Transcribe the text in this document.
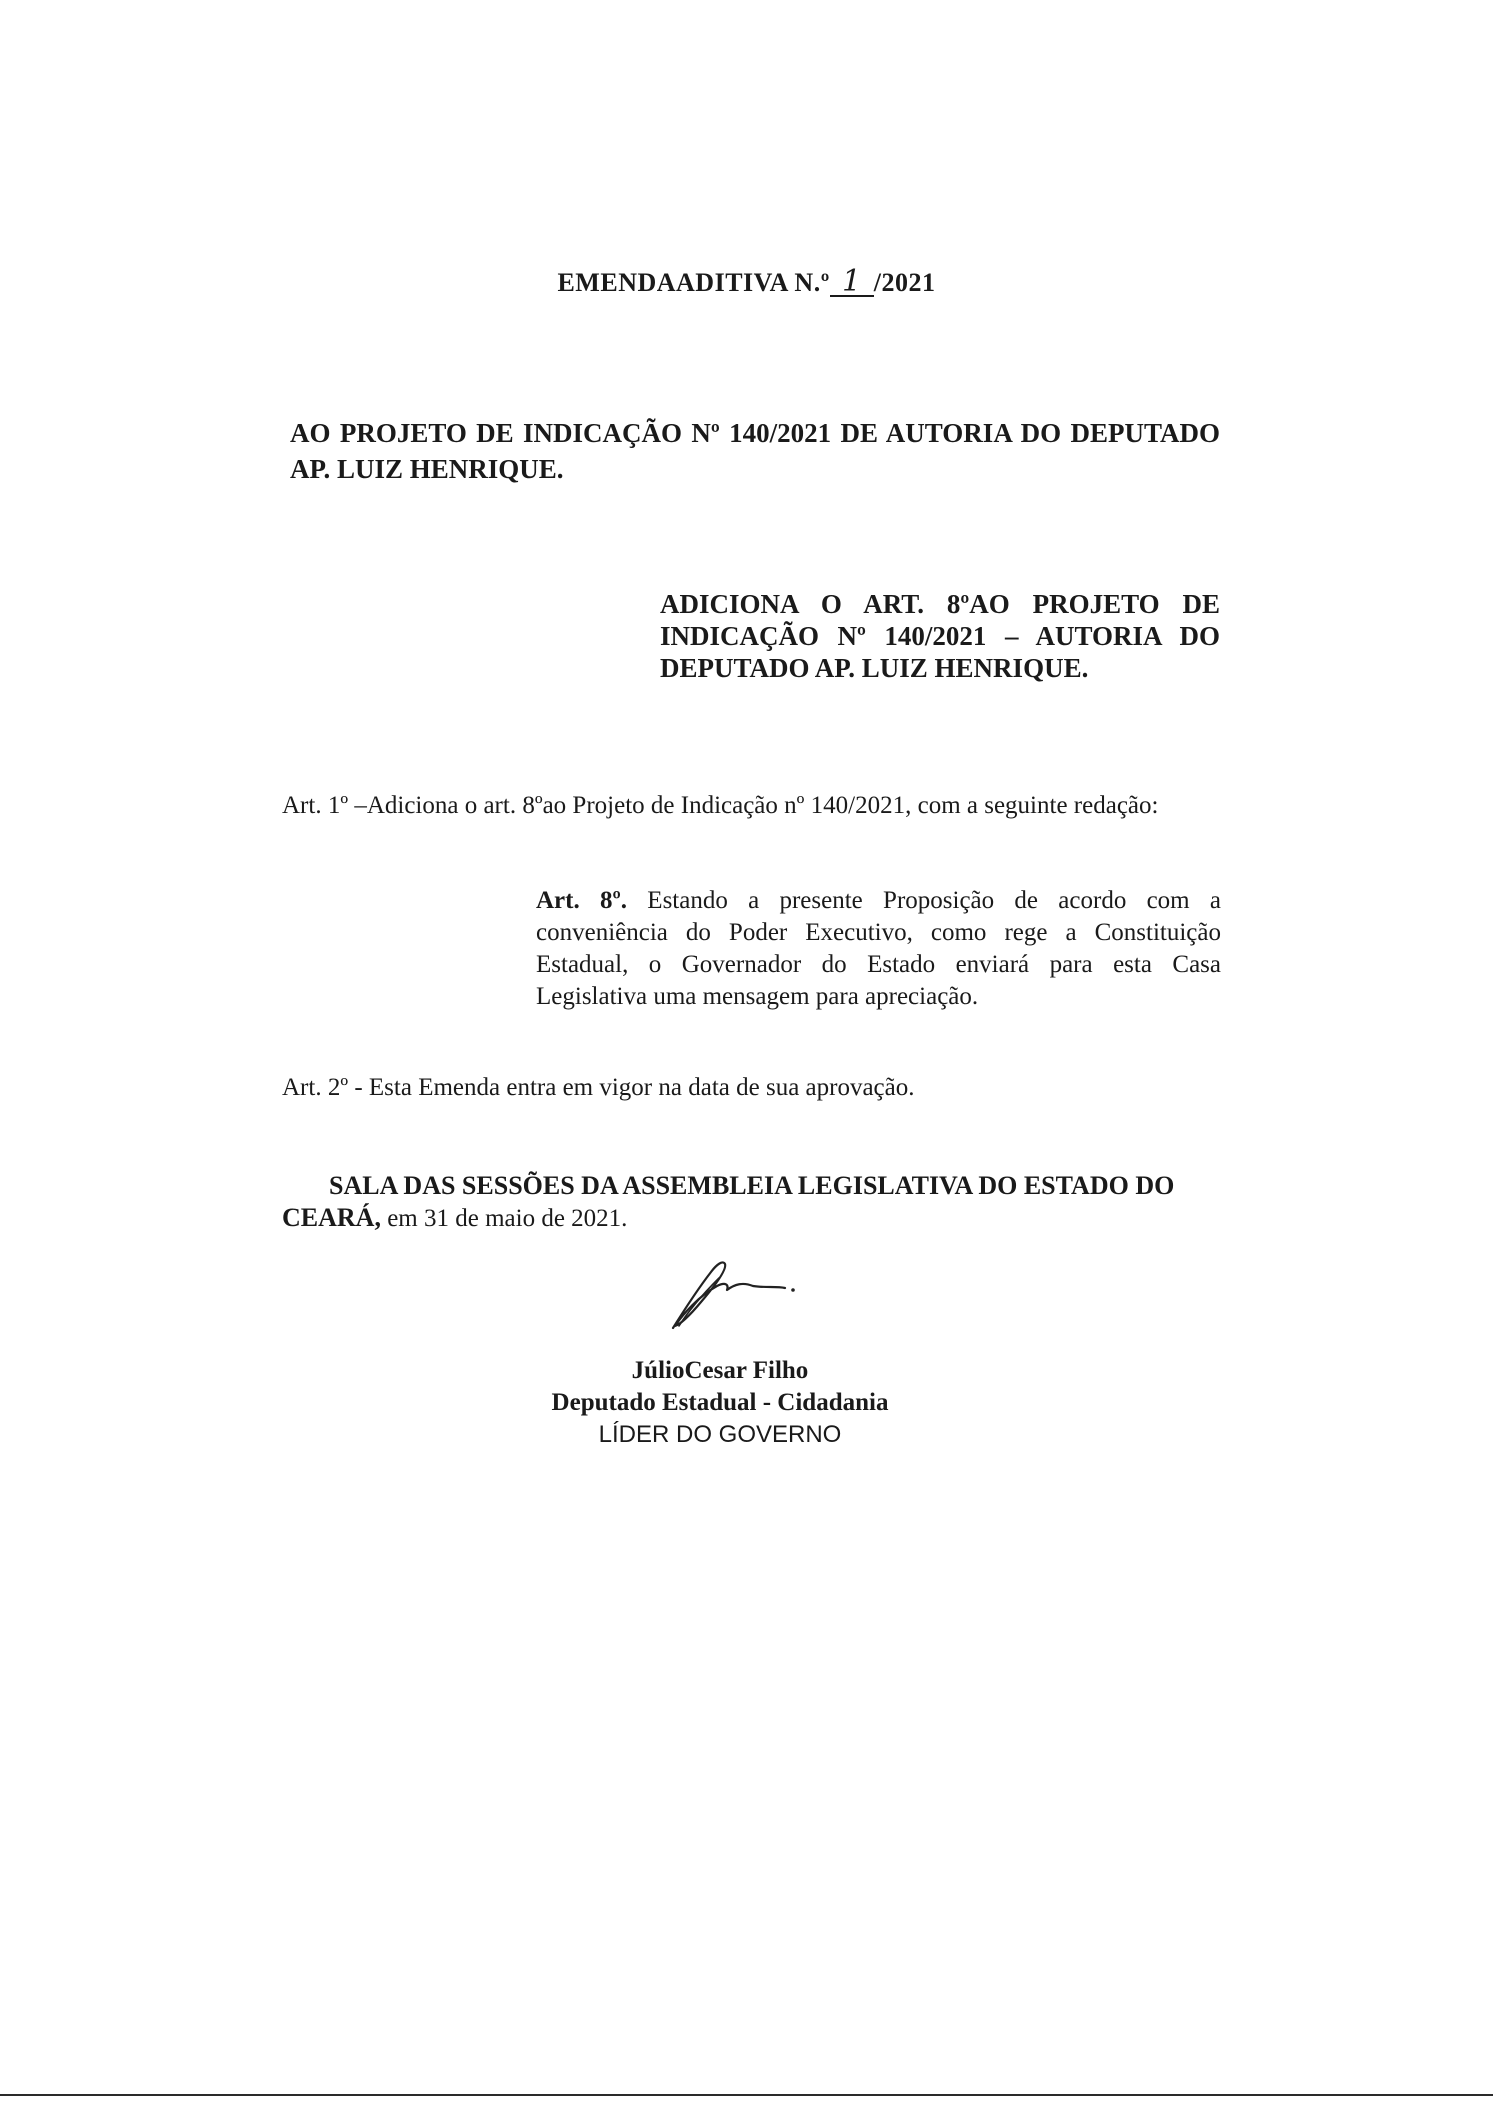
EMENDAADITIVA N.º 1 /2021

AO PROJETO DE INDICAÇÃO Nº 140/2021 DE AUTORIA DO DEPUTADO
AP. LUIZ HENRIQUE.

ADICIONA O ART. 8ºAO PROJETO DE
INDICAÇÃO Nº 140/2021 – AUTORIA DO
DEPUTADO AP. LUIZ HENRIQUE.

Art. 1º –Adiciona o art. 8ºao Projeto de Indicação nº 140/2021, com a seguinte redação:

Art. 8º. Estando a presente Proposição de acordo com a
conveniência do Poder Executivo, como rege a Constituição
Estadual, o Governador do Estado enviará para esta Casa
Legislativa uma mensagem para apreciação.

Art. 2º - Esta Emenda entra em vigor na data de sua aprovação.

SALA DAS SESSÕES DA ASSEMBLEIA LEGISLATIVA DO ESTADO DO
CEARÁ, em 31 de maio de 2021.

JúlioCesar Filho
Deputado Estadual - Cidadania
LÍDER DO GOVERNO
